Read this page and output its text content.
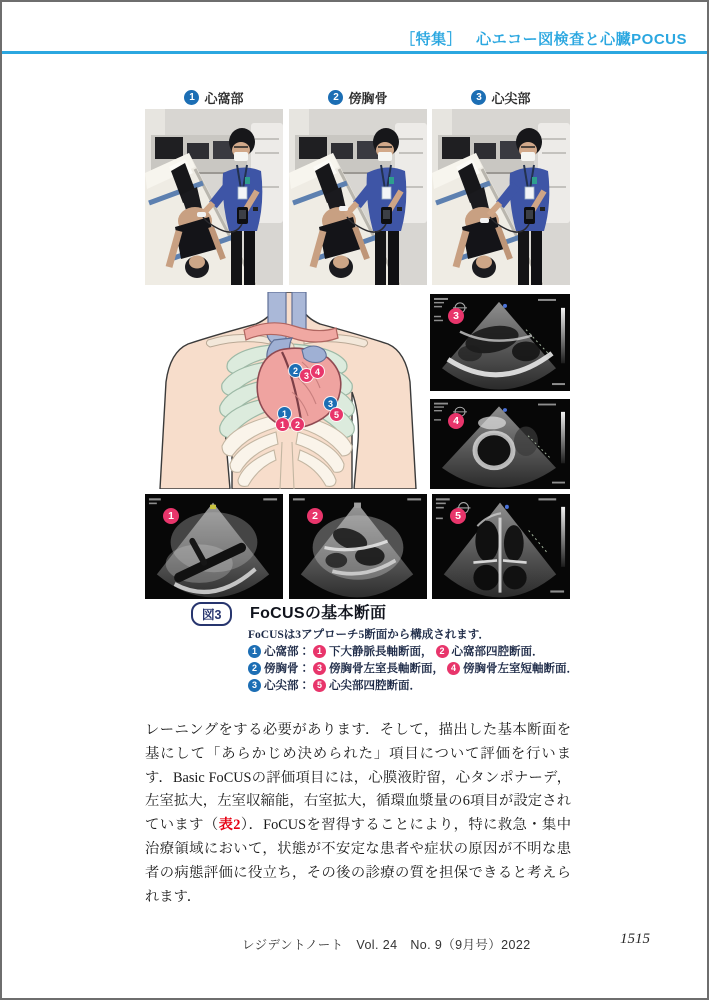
［特集］ 心エコー図検査と心臓POCUS
1 心窩部	2 傍胸骨	3 心尖部
2 3 4
3
5
1
1	2
3
4
1	2	5
図3	FoCUSの基本断面
FoCUSは3アプローチ5断面から構成されます．
1 心窩部： 1 下大静脈長軸断面， 2 心窩部四腔断面．
2 傍胸骨： 3 傍胸骨左室長軸断面， 4 傍胸骨左室短軸断面．
3 心尖部： 5 心尖部四腔断面．
レーニングをする必要があります．そして，描出した基本断面を基にして「あらかじめ決められた」項目について評価を行います．Basic FoCUSの評価項目には，心膜液貯留，心タンポナーデ，左室拡大，左室収縮能，右室拡大，循環血漿量の6項目が設定されています（表2）．FoCUSを習得することにより，特に救急・集中治療領域において，状態が不安定な患者や症状の原因が不明な患者の病態評価に役立ち，その後の診療の質を担保できると考えられます．
レジデントノート　Vol. 24　No. 9（9月号）2022	1515
